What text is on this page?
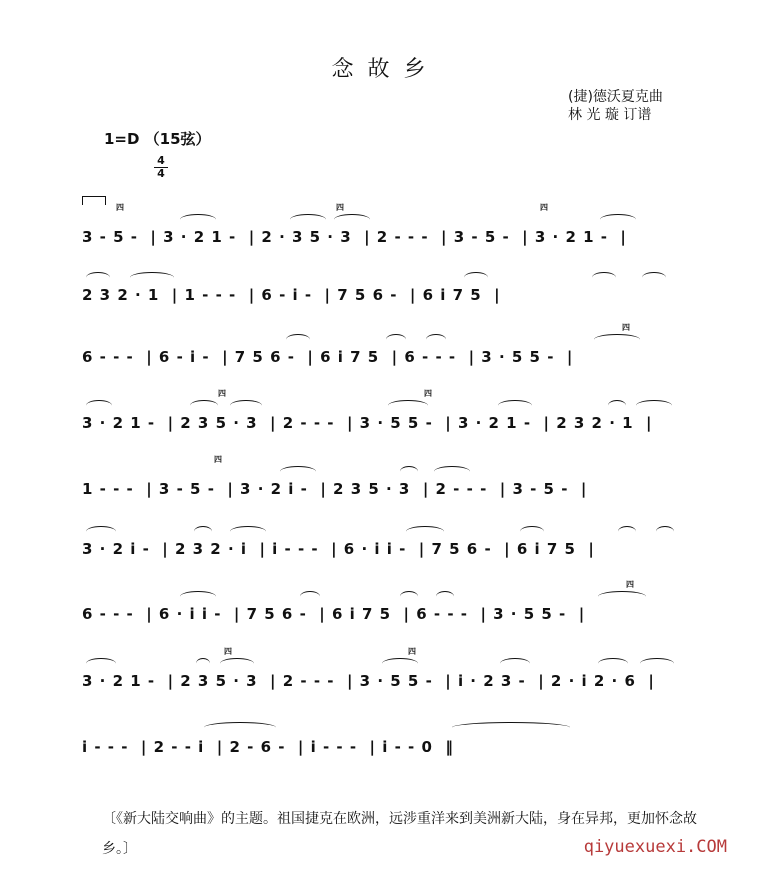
念故乡
(捷)德沃夏克曲
林 光 璇 订谱
1=D （15弦）
4
4
3 - 5 -  | 3 · 2 1 -  | 2 · 3 5 · 3  | 2 - - -  | 3 - 5 -  | 3 · 2 1 -  |
四	四	四
2 3 2 · 1  | 1 - - -  | 6 - i -  | 7 5 6 -  | 6 i 7 5  |
6 - - -  | 6 - i -  | 7 5 6 -  | 6 i 7 5  | 6 - - -  | 3 · 5 5 -  |
四
3 · 2 1 -  | 2 3 5 · 3  | 2 - - -  | 3 · 5 5 -  | 3 · 2 1 -  | 2 3 2 · 1  |
四	四
1 - - -  | 3 - 5 -  | 3 · 2 i -  | 2 3 5 · 3  | 2 - - -  | 3 - 5 -  |
四
3 · 2 i -  | 2 3 2 · i  | i - - -  | 6 · i i -  | 7 5 6 -  | 6 i 7 5  |
6 - - -  | 6 · i i -  | 7 5 6 -  | 6 i 7 5  | 6 - - -  | 3 · 5 5 -  |
四
3 · 2 1 -  | 2 3 5 · 3  | 2 - - -  | 3 · 5 5 -  | i · 2 3 -  | 2 · i 2 · 6  |
四	四
i - - -  | 2 - - i  | 2 - 6 -  | i - - -  | i - - 0  ‖
〔《新大陆交响曲》的主题。祖国捷克在欧洲，远涉重洋来到美洲新大陆，身在异邦，更加怀念故乡。〕	qiyuexuexi.COM
